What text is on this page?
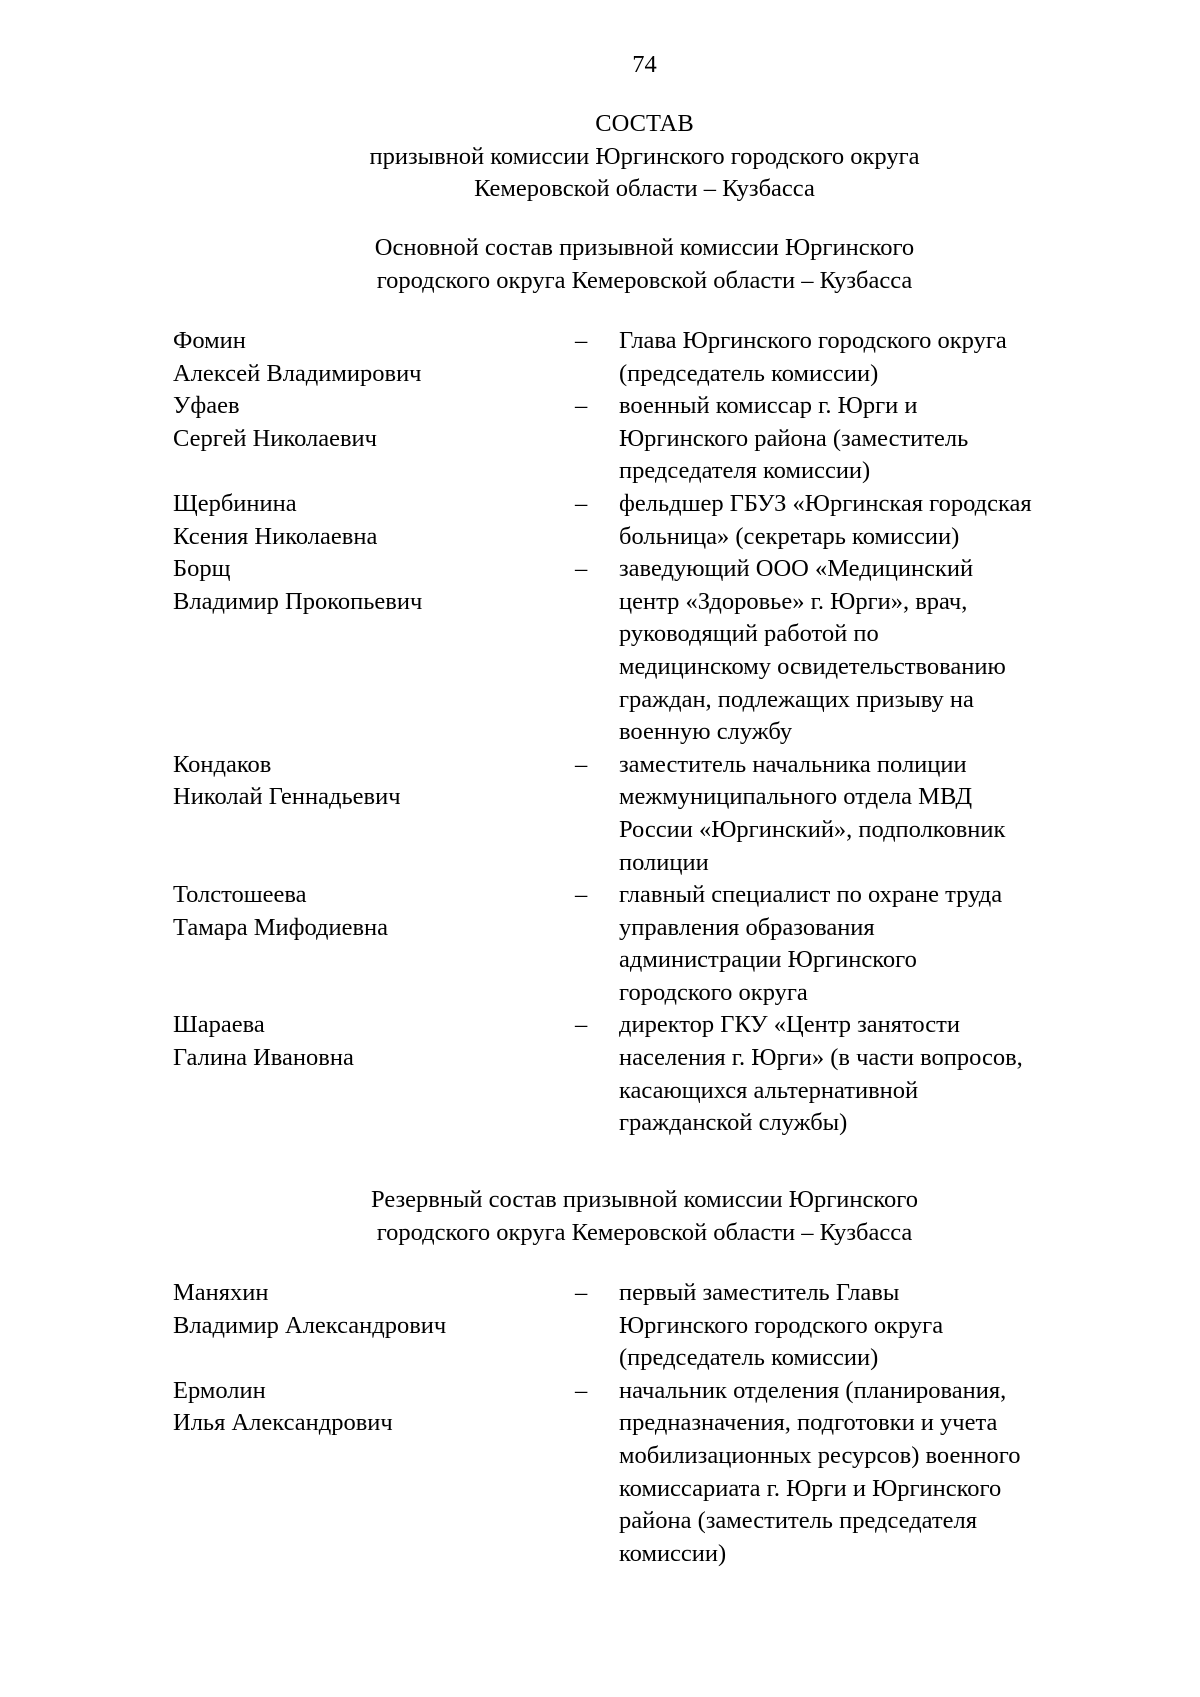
74
СОСТАВ
призывной комиссии Юргинского городского округа
Кемеровской области – Кузбасса
Основной состав призывной комиссии Юргинского
городского округа Кемеровской области – Кузбасса
Фомин
Алексей Владимирович
– Глава Юргинского городского округа
(председатель комиссии)
Уфаев
Сергей Николаевич
– военный комиссар г. Юрги и
Юргинского района (заместитель
председателя комиссии)
Щербинина
Ксения Николаевна
– фельдшер ГБУЗ «Юргинская городская
больница» (секретарь комиссии)
Борщ
Владимир Прокопьевич
– заведующий ООО «Медицинский
центр «Здоровье» г. Юрги», врач,
руководящий работой по
медицинскому освидетельствованию
граждан, подлежащих призыву на
военную службу
Кондаков
Николай Геннадьевич
– заместитель начальника полиции
межмуниципального отдела МВД
России «Юргинский», подполковник
полиции
Толстошеева
Тамара Мифодиевна
– главный специалист по охране труда
управления образования
администрации Юргинского
городского округа
Шараева
Галина Ивановна
– директор ГКУ «Центр занятости
населения г. Юрги» (в части вопросов,
касающихся альтернативной
гражданской службы)
Резервный состав призывной комиссии Юргинского
городского округа Кемеровской области – Кузбасса
Маняхин
Владимир Александрович
– первый заместитель Главы
Юргинского городского округа
(председатель комиссии)
Ермолин
Илья Александрович
– начальник отделения (планирования,
предназначения, подготовки и учета
мобилизационных ресурсов) военного
комиссариата г. Юрги и Юргинского
района (заместитель председателя
комиссии)
